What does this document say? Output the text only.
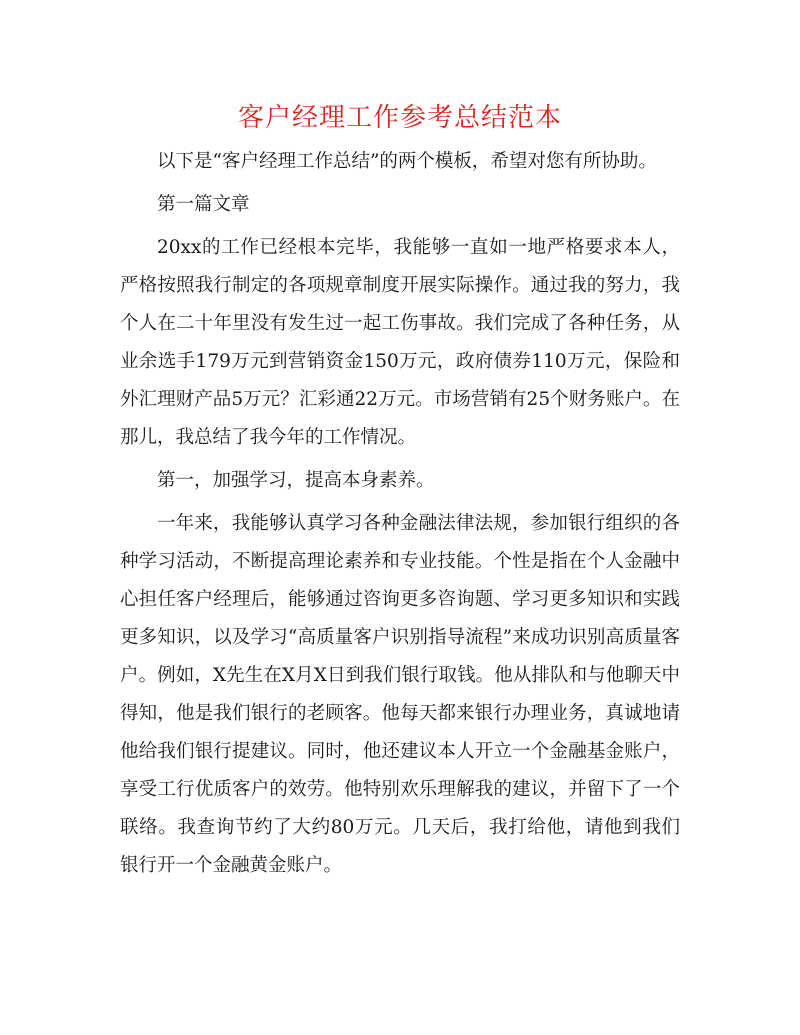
客户经理工作参考总结范本

以下是“客户经理工作总结”的两个模板，希望对您有所协助。

第一篇文章

20xx的工作已经根本完毕，我能够一直如一地严格要求本人，严格按照我行制定的各项规章制度开展实际操作。通过我的努力，我个人在二十年里没有发生过一起工伤事故。我们完成了各种任务，从业余选手179万元到营销资金150万元，政府债券110万元，保险和外汇理财产品5万元？汇彩通22万元。市场营销有25个财务账户。在那儿，我总结了我今年的工作情况。

第一，加强学习，提高本身素养。

一年来，我能够认真学习各种金融法律法规，参加银行组织的各种学习活动，不断提高理论素养和专业技能。个性是指在个人金融中心担任客户经理后，能够通过咨询更多咨询题、学习更多知识和实践更多知识，以及学习“高质量客户识别指导流程”来成功识别高质量客户。例如，X先生在X月X日到我们银行取钱。他从排队和与他聊天中得知，他是我们银行的老顾客。他每天都来银行办理业务，真诚地请他给我们银行提建议。同时，他还建议本人开立一个金融基金账户，享受工行优质客户的效劳。他特别欢乐理解我的建议，并留下了一个联络。我查询节约了大约80万元。几天后，我打给他，请他到我们银行开一个金融黄金账户。
